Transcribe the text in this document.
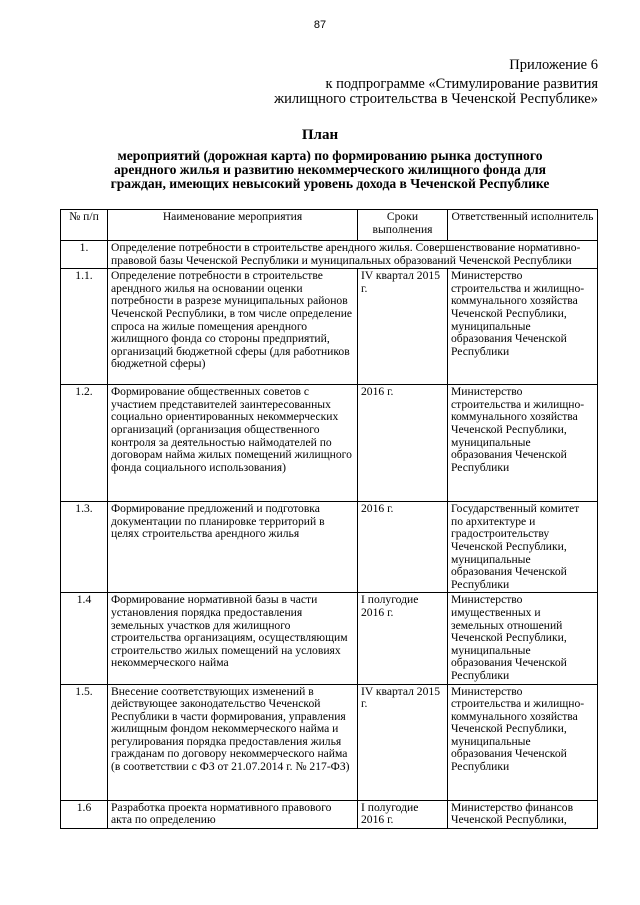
87
Приложение 6
к подпрограмме «Стимулирование развития
жилищного строительства в Чеченской Республике»
План
мероприятий (дорожная карта) по формированию рынка доступного
арендного жилья и развитию некоммерческого жилищного фонда для
граждан, имеющих невысокий уровень дохода в Чеченской Республике
№ п/п	Наименование мероприятия	Сроки выполнения	Ответственный исполнитель
1.	Определение потребности в строительстве арендного жилья. Совершенствование нормативно-правовой базы Чеченской Республики и муниципальных образований Чеченской Республики		
1.1.	Определение потребности в строительстве арендного жилья на основании оценки потребности в разрезе муниципальных районов Чеченской Республики, в том числе определение спроса на жилые помещения арендного жилищного фонда со стороны предприятий, организаций бюджетной сферы (для работников бюджетной сферы)	IV квартал 2015 г.	Министерство строительства и жилищно-коммунального хозяйства Чеченской Республики, муниципальные образования Чеченской Республики
1.2.	Формирование общественных советов с участием представителей заинтересованных социально ориентированных некоммерческих организаций (организация общественного контроля за деятельностью наймодателей по договорам найма жилых помещений жилищного фонда социального использования)	2016 г.	Министерство строительства и жилищно-коммунального хозяйства Чеченской Республики, муниципальные образования Чеченской Республики
1.3.	Формирование предложений и подготовка документации по планировке территорий в целях строительства арендного жилья	2016 г.	Государственный комитет по архитектуре и градостроительству Чеченской Республики, муниципальные образования Чеченской Республики
1.4	Формирование нормативной базы в части установления порядка предоставления земельных участков для жилищного строительства организациям, осуществляющим строительство жилых помещений на условиях некоммерческого найма	I полугодие 2016 г.	Министерство имущественных и земельных отношений Чеченской Республики, муниципальные образования Чеченской Республики
1.5.	Внесение соответствующих изменений в действующее законодательство Чеченской Республики в части формирования, управления жилищным фондом некоммерческого найма и регулирования порядка предоставления жилья гражданам по договору некоммерческого найма (в соответствии с ФЗ от 21.07.2014 г. № 217-ФЗ)	IV квартал 2015 г.	Министерство строительства и жилищно-коммунального хозяйства Чеченской Республики, муниципальные образования Чеченской Республики
1.6	Разработка проекта нормативного правового акта по определению	I полугодие 2016 г.	Министерство финансов Чеченской Республики,
